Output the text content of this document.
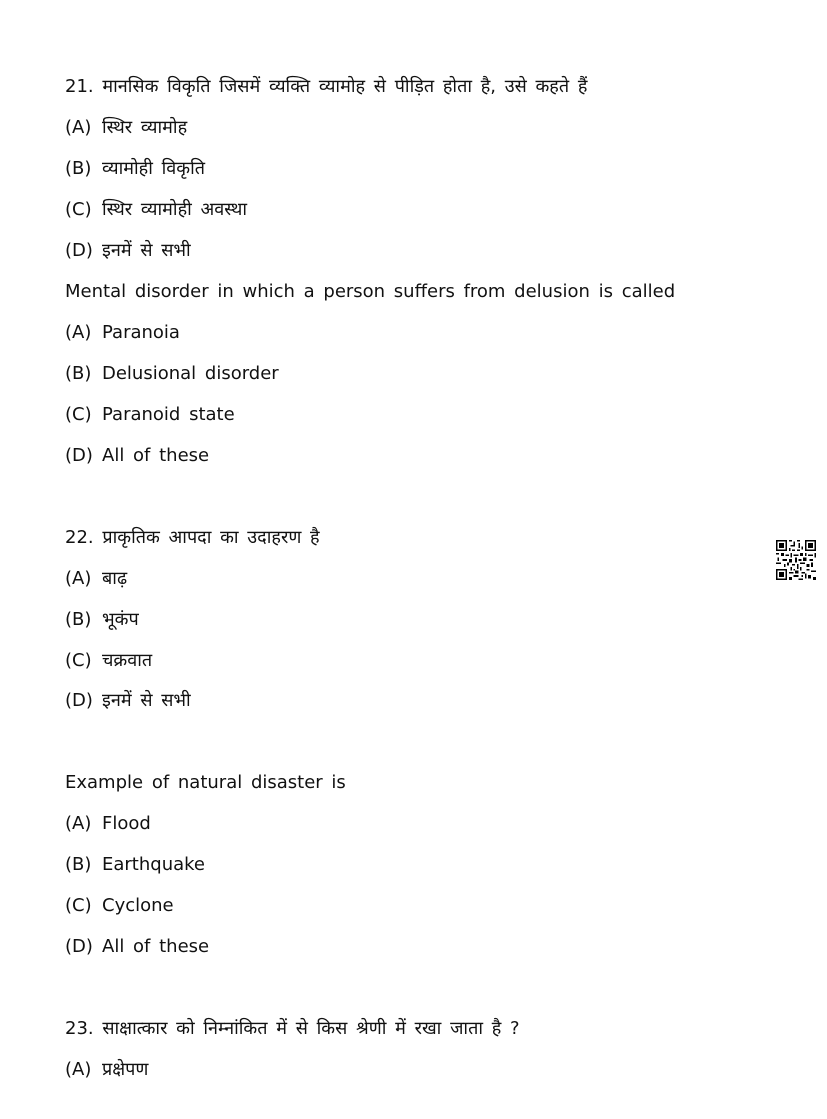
21. मानसिक विकृति जिसमें व्यक्ति व्यामोह से पीड़ित होता है, उसे कहते हैं
(A) स्थिर व्यामोह
(B) व्यामोही विकृति
(C) स्थिर व्यामोही अवस्था
(D) इनमें से सभी
Mental disorder in which a person suffers from delusion is called
(A) Paranoia
(B) Delusional disorder
(C) Paranoid state
(D) All of these
22. प्राकृतिक आपदा का उदाहरण है
(A) बाढ़
(B) भूकंप
(C) चक्रवात
(D) इनमें से सभी
Example of natural disaster is
(A) Flood
(B) Earthquake
(C) Cyclone
(D) All of these
23. साक्षात्कार को निम्नांकित में से किस श्रेणी में रखा जाता है ?
(A) प्रक्षेपण
